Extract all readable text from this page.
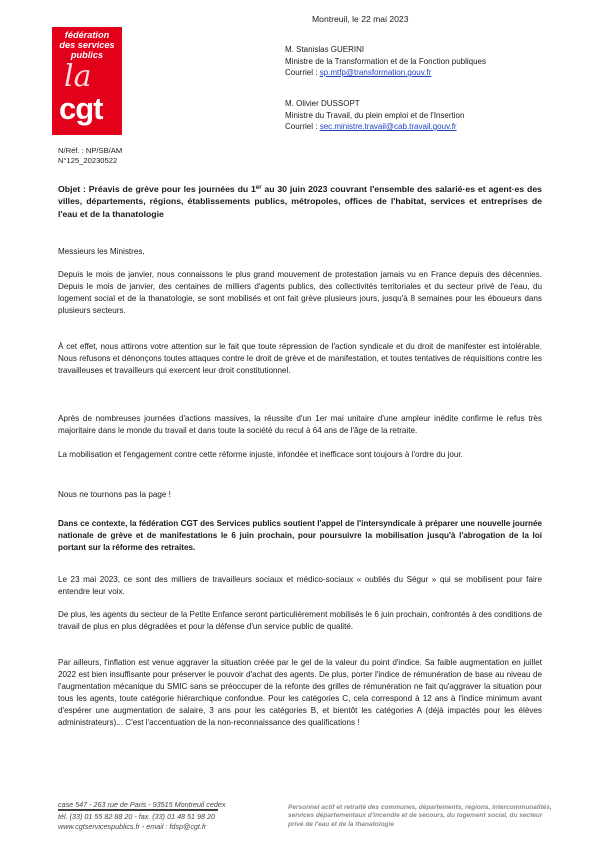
fédération
des services
publics
la
cgt
Montreuil, le 22 mai 2023
M. Stanislas GUERINI
Ministre de la Transformation et de la Fonction publiques
Courriel : sp.mtfp@transformation.gouv.fr
M. Olivier DUSSOPT
Ministre du Travail, du plein emploi et de l'Insertion
Courriel : sec.ministre.travail@cab.travail.gouv.fr
N/Réf. : NP/SB/AM
N°125_20230522
Objet : Préavis de grève pour les journées du 1er au 30 juin 2023 couvrant l'ensemble des salarié·es et agent·es des villes, départements, régions, établissements publics, métropoles, offices de l'habitat, services et entreprises de l'eau et de la thanatologie
Messieurs les Ministres,
Depuis le mois de janvier, nous connaissons le plus grand mouvement de protestation jamais vu en France depuis des décennies. Depuis le mois de janvier, des centaines de milliers d'agents publics, des collectivités territoriales et du secteur privé de l'eau, du logement social et de la thanatologie, se sont mobilisés et ont fait grève plusieurs jours, jusqu'à 8 semaines pour les éboueurs dans plusieurs secteurs.
À cet effet, nous attirons votre attention sur le fait que toute répression de l'action syndicale et du droit de manifester est intolérable. Nous refusons et dénonçons toutes attaques contre le droit de grève et de manifestation, et toutes tentatives de réquisitions contre les travailleuses et travailleurs qui exercent leur droit constitutionnel.
Après de nombreuses journées d'actions massives, la réussite d'un 1er mai unitaire d'une ampleur inédite confirme le refus très majoritaire dans le monde du travail et dans toute la société du recul à 64 ans de l'âge de la retraite.
La mobilisation et l'engagement contre cette réforme injuste, infondée et inefficace sont toujours à l'ordre du jour.
Nous ne tournons pas la page !
Dans ce contexte, la fédération CGT des Services publics soutient l'appel de l'intersyndicale à préparer une nouvelle journée nationale de grève et de manifestations le 6 juin prochain, pour poursuivre la mobilisation jusqu'à l'abrogation de la loi portant sur la réforme des retraites.
Le 23 mai 2023, ce sont des milliers de travailleurs sociaux et médico-sociaux « oubliés du Ségur » qui se mobilisent pour faire entendre leur voix.
De plus, les agents du secteur de la Petite Enfance seront particulièrement mobilisés le 6 juin prochain, confrontés à des conditions de travail de plus en plus dégradées et pour la défense d'un service public de qualité.
Par ailleurs, l'inflation est venue aggraver la situation créée par le gel de la valeur du point d'indice. Sa faible augmentation en juillet 2022 est bien insuffisante pour préserver le pouvoir d'achat des agents. De plus, porter l'indice de rémunération de base au niveau de l'augmentation mécanique du SMIC sans se préoccuper de la refonte des grilles de rémunération ne fait qu'aggraver la situation pour tous les agents, toute catégorie hiérarchique confondue. Pour les catégories C, cela correspond à 12 ans à l'indice minimum avant d'espérer une augmentation de salaire, 3 ans pour les catégories B, et bientôt les catégories A (déjà impactés pour les élèves administrateurs)... C'est l'accentuation de la non-reconnaissance des qualifications !
case 547 - 263 rue de Paris - 93515 Montreuil cedex
tél. (33) 01 55 82 88 20 - fax. (33) 01 48 51 98 20
www.cgtservicespublics.fr - email : fdsp@cgt.fr
Personnel actif et retraité des communes, départements, régions, intercommunalités, services départementaux d'incendie et de secours, du logement social, du secteur privé de l'eau et de la thanatologie
